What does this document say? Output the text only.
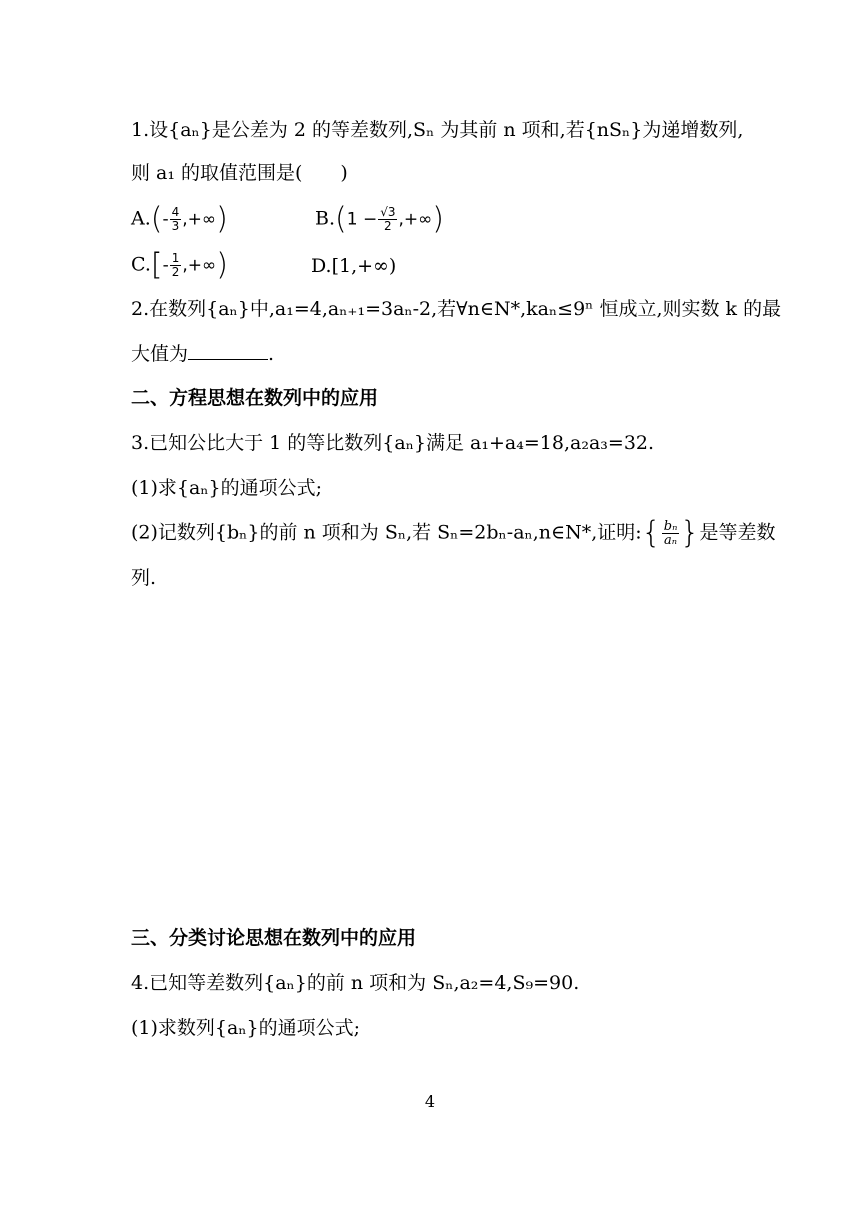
1.设{aₙ}是公差为 2 的等差数列,Sₙ 为其前 n 项和,若{nSₙ}为递增数列,
则 a₁ 的取值范围是(　　)
$A.(- \frac{4}{3}$ ,+∞)	$B.(1 - \frac{√3}{2}$ ,+∞)
$C.[- \frac{1}{2}$ ,+∞)	D.[1,+∞)
2.在数列{aₙ}中,a₁=4,aₙ₊₁=3aₙ-2,若∀n∈N*,kaₙ≤9ⁿ 恒成立,则实数 k 的最
大值为	.
二、方程思想在数列中的应用
3.已知公比大于 1 的等比数列{aₙ}满足 a₁+a₄=18,a₂a₃=32.
(1)求{aₙ}的通项公式;
(2)记数列{bₙ}的前 n 项和为 Sₙ,若 Sₙ=2bₙ-aₙ,n∈N*,证明:{ $\frac{\text{bₙ}}{\text{aₙ}}$ }是等差数
列.
三、分类讨论思想在数列中的应用
4.已知等差数列{aₙ}的前 n 项和为 Sₙ,a₂=4,S₉=90.
(1)求数列{aₙ}的通项公式;
4
